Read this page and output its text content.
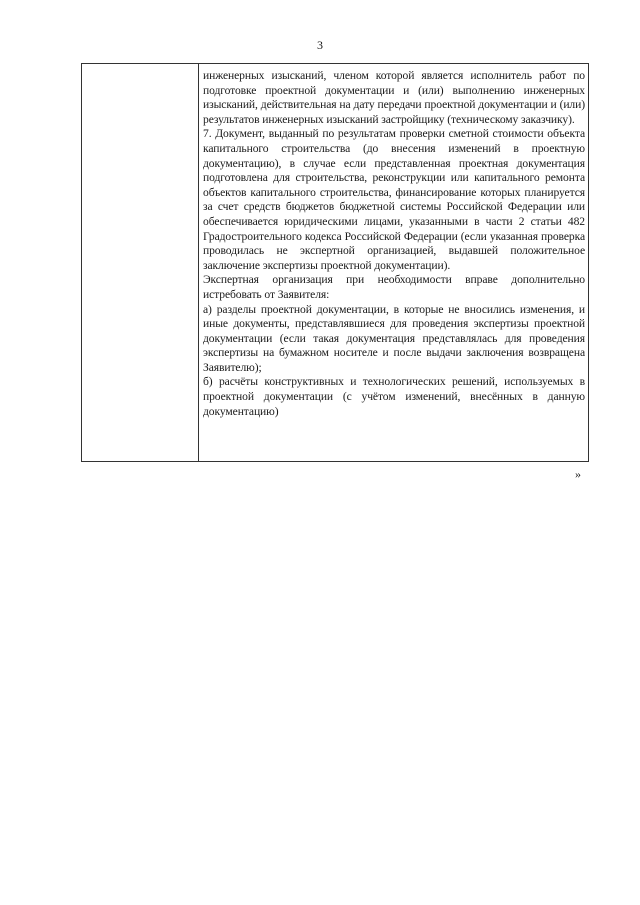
3

инженерных изысканий, членом которой является исполнитель работ по подготовке проектной документации и (или) выполнению инженерных изысканий, действительная на дату передачи проектной документации и (или) результатов инженерных изысканий застройщику (техническому заказчику).

7. Документ, выданный по результатам проверки сметной стоимости объекта капитального строительства (до внесения изменений в проектную документацию), в случае если представленная проектная документация подготовлена для строительства, реконструкции или капитального ремонта объектов капитального строительства, финансирование которых планируется за счет средств бюджетов бюджетной системы Российской Федерации или обеспечивается юридическими лицами, указанными в части 2 статьи 482 Градостроительного кодекса Российской Федерации (если указанная проверка проводилась не экспертной организацией, выдавшей положительное заключение экспертизы проектной документации).

Экспертная организация при необходимости вправе дополнительно истребовать от Заявителя:

а) разделы проектной документации, в которые не вносились изменения, и иные документы, представлявшиеся для проведения экспертизы проектной документации (если такая документация представлялась для проведения экспертизы на бумажном носителе и после выдачи заключения возвращена Заявителю);

б) расчёты конструктивных и технологических решений, используемых в проектной документации (с учётом изменений, внесённых в данную документацию)

»
